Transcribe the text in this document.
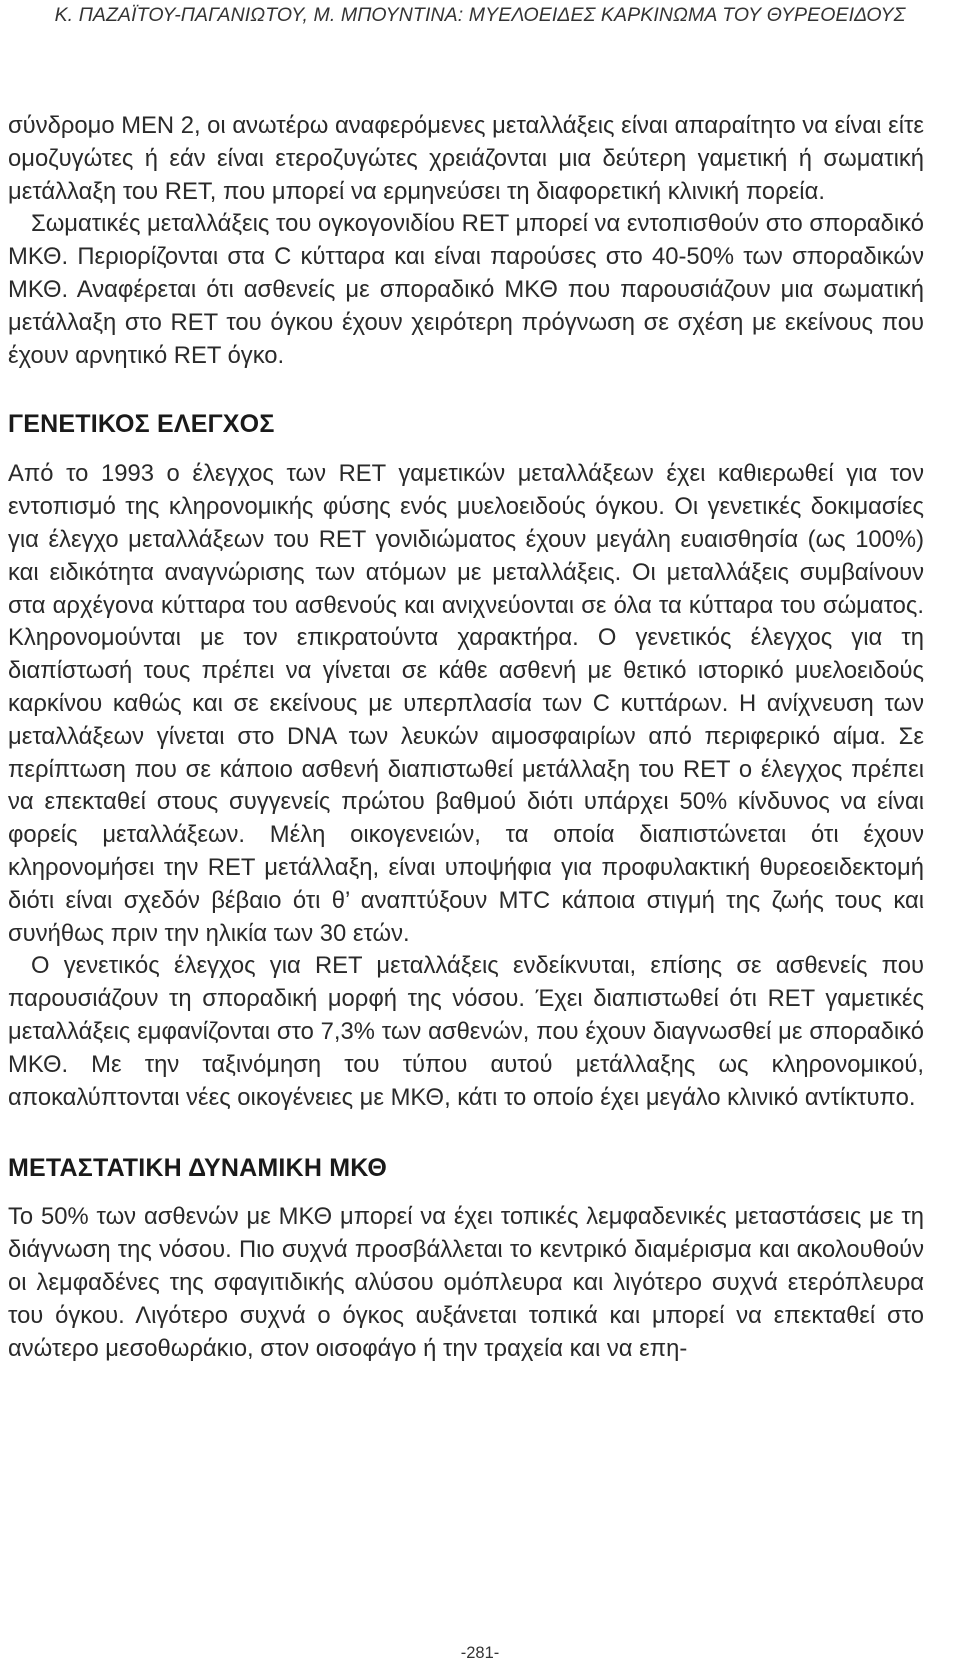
Κ. ΠΑΖΑΪΤΟΥ-ΠΑΓΑΝΙΩΤΟΥ, Μ. ΜΠΟΥΝΤΙΝΑ: ΜΥΕΛΟΕΙΔΕΣ ΚΑΡΚΙΝΩΜΑ ΤΟΥ ΘΥΡΕΟΕΙΔΟΥΣ

σύνδρομο MEN 2, οι ανωτέρω αναφερόμενες μεταλλάξεις είναι απαραίτητο να είναι είτε ομοζυγώτες ή εάν είναι ετεροζυγώτες χρειάζονται μια δεύτερη γαμετική ή σωματική μετάλλαξη του RET, που μπορεί να ερμηνεύσει τη διαφορετική κλινική πορεία.

Σωματικές μεταλλάξεις του ογκογονιδίου RET μπορεί να εντοπισθούν στο σποραδικό ΜΚΘ. Περιορίζονται στα C κύτταρα και είναι παρούσες στο 40-50% των σποραδικών ΜΚΘ. Αναφέρεται ότι ασθενείς με σποραδικό ΜΚΘ που παρουσιάζουν μια σωματική μετάλλαξη στο RET του όγκου έχουν χειρότερη πρόγνωση σε σχέση με εκείνους που έχουν αρνητικό RET όγκο.

ΓΕΝΕΤΙΚΟΣ ΕΛΕΓΧΟΣ

Από το 1993 ο έλεγχος των RET γαμετικών μεταλλάξεων έχει καθιερωθεί για τον εντοπισμό της κληρονομικής φύσης ενός μυελοειδούς όγκου. Οι γενετικές δοκιμασίες για έλεγχο μεταλλάξεων του RET γονιδιώματος έχουν μεγάλη ευαισθησία (ως 100%) και ειδικότητα αναγνώρισης των ατόμων με μεταλλάξεις. Οι μεταλλάξεις συμβαίνουν στα αρχέγονα κύτταρα του ασθενούς και ανιχνεύονται σε όλα τα κύτταρα του σώματος. Κληρονομούνται με τον επικρατούντα χαρακτήρα. Ο γενετικός έλεγχος για τη διαπίστωσή τους πρέπει να γίνεται σε κάθε ασθενή με θετικό ιστορικό μυελοειδούς καρκίνου καθώς και σε εκείνους με υπερπλασία των C κυττάρων. Η ανίχνευση των μεταλλάξεων γίνεται στο DNA των λευκών αιμοσφαιρίων από περιφερικό αίμα. Σε περίπτωση που σε κάποιο ασθενή διαπιστωθεί μετάλλαξη του RET ο έλεγχος πρέπει να επεκταθεί στους συγγενείς πρώτου βαθμού διότι υπάρχει 50% κίνδυνος να είναι φορείς μεταλλάξεων. Μέλη οικογενειών, τα οποία διαπιστώνεται ότι έχουν κληρονομήσει την RET μετάλλαξη, είναι υποψήφια για προφυλακτική θυρεοειδεκτομή διότι είναι σχεδόν βέβαιο ότι θ’ αναπτύξουν MTC κάποια στιγμή της ζωής τους και συνήθως πριν την ηλικία των 30 ετών.

Ο γενετικός έλεγχος για RET μεταλλάξεις ενδείκνυται, επίσης σε ασθενείς που παρουσιάζουν τη σποραδική μορφή της νόσου. Έχει διαπιστωθεί ότι RET γαμετικές μεταλλάξεις εμφανίζονται στο 7,3% των ασθενών, που έχουν διαγνωσθεί με σποραδικό ΜΚΘ. Με την ταξινόμηση του τύπου αυτού μετάλλαξης ως κληρονομικού, αποκαλύπτονται νέες οικογένειες με ΜΚΘ, κάτι το οποίο έχει μεγάλο κλινικό αντίκτυπο.

ΜΕΤΑΣΤΑΤΙΚΗ ΔΥΝΑΜΙΚΗ ΜΚΘ

Το 50% των ασθενών με ΜΚΘ μπορεί να έχει τοπικές λεμφαδενικές μεταστάσεις με τη διάγνωση της νόσου. Πιο συχνά προσβάλλεται το κεντρικό διαμέρισμα και ακολουθούν οι λεμφαδένες της σφαγιτιδικής αλύσου ομόπλευρα και λιγότερο συχνά ετερόπλευρα του όγκου. Λιγότερο συχνά ο όγκος αυξάνεται τοπικά και μπορεί να επεκταθεί στο ανώτερο μεσοθωράκιο, στον οισοφάγο ή την τραχεία και να επη-

-281-
